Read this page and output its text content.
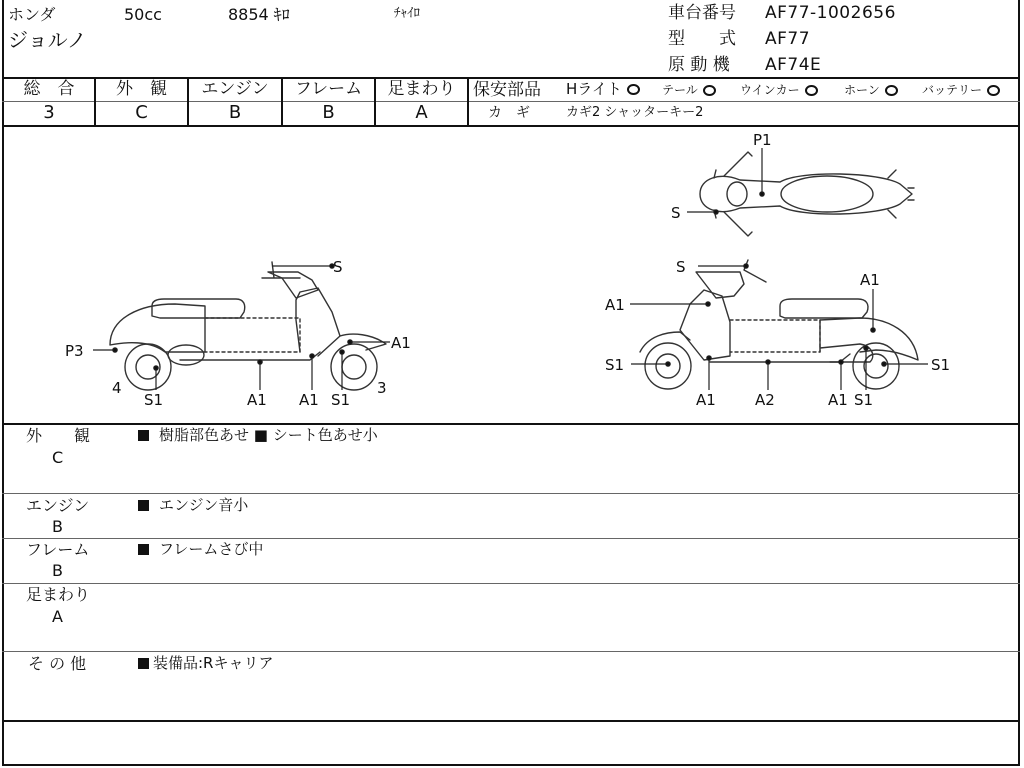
ホンダ	50cc	8854 ｷﾛ	ﾁｬｲﾛ
ジョルノ
車台番号 AF77-1002656
型　　式 AF77
原 動 機 AF74E
総　合	外　観	エンジン	フレーム	足まわり
3	C	B	B	A
保安部品 Hライト	テール	ウインカー	ホーン	バッテリー
カ　ギ	カギ2 シャッターキー2
S
P3	A1
4
S1	A1 A1 S1
3
S
A1
A1
S1	S1
A1	A2	A1 S1
P1
S
外　　観
C
樹脂部色あせ ■ シート色あせ小
エンジン
B
エンジン音小
フレーム
B
フレームさび中
足まわり
A
そ の 他	装備品:Rキャリア
